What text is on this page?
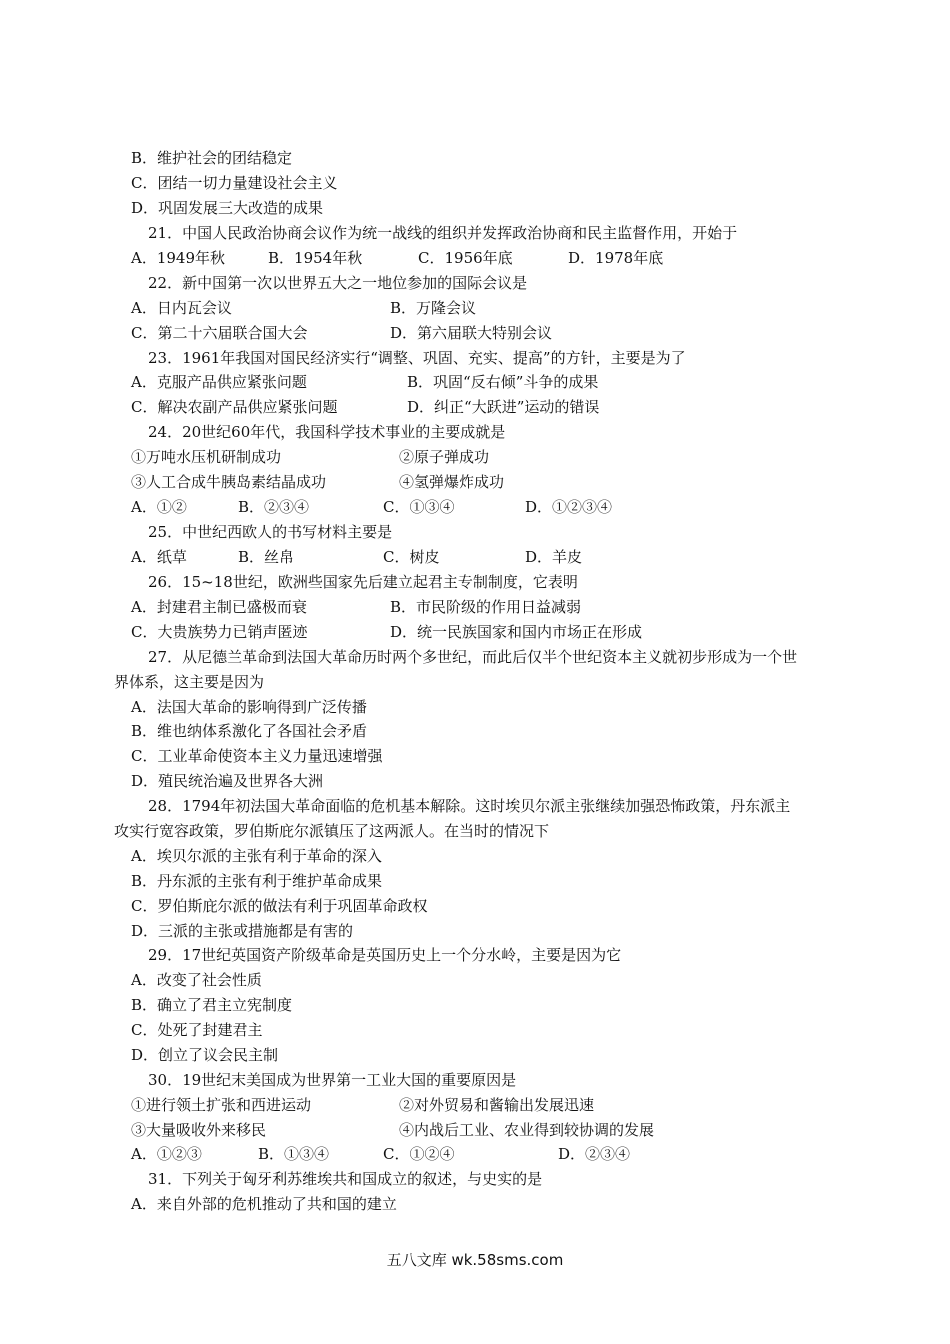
B．维护社会的团结稳定
C．团结一切力量建设社会主义
D．巩固发展三大改造的成果
21．中国人民政治协商会议作为统一战线的组织并发挥政治协商和民主监督作用，开始于
A．1949年秋	B．1954年秋	C．1956年底	D．1978年底
22．新中国第一次以世界五大之一地位参加的国际会议是
A．日内瓦会议	B．万隆会议
C．第二十六届联合国大会	D．第六届联大特别会议
23．1961年我国对国民经济实行“调整、巩固、充实、提高”的方针，主要是为了
A．克服产品供应紧张问题	B．巩固“反右倾”斗争的成果
C．解决农副产品供应紧张问题	D．纠正“大跃进”运动的错误
24．20世纪60年代，我国科学技术事业的主要成就是
①万吨水压机研制成功	②原子弹成功
③人工合成牛胰岛素结晶成功	④氢弹爆炸成功
A．①②	B．②③④	C．①③④	D．①②③④
25．中世纪西欧人的书写材料主要是
A．纸草	B．丝帛	C．树皮	D．羊皮
26．15~18世纪，欧洲些国家先后建立起君主专制制度，它表明
A．封建君主制已盛极而衰	B．市民阶级的作用日益减弱
C．大贵族势力已销声匿迹	D．统一民族国家和国内市场正在形成
27．从尼德兰革命到法国大革命历时两个多世纪，而此后仅半个世纪资本主义就初步形成为一个世
界体系，这主要是因为
A．法国大革命的影响得到广泛传播
B．维也纳体系激化了各国社会矛盾
C．工业革命使资本主义力量迅速增强
D．殖民统治遍及世界各大洲
28．1794年初法国大革命面临的危机基本解除。这时埃贝尔派主张继续加强恐怖政策，丹东派主
攻实行宽容政策，罗伯斯庇尔派镇压了这两派人。在当时的情况下
A．埃贝尔派的主张有利于革命的深入
B．丹东派的主张有利于维护革命成果
C．罗伯斯庇尔派的做法有利于巩固革命政权
D．三派的主张或措施都是有害的
29．17世纪英国资产阶级革命是英国历史上一个分水岭，主要是因为它
A．改变了社会性质
B．确立了君主立宪制度
C．处死了封建君主
D．创立了议会民主制
30．19世纪末美国成为世界第一工业大国的重要原因是
①进行领土扩张和西进运动	②对外贸易和酱输出发展迅速
③大量吸收外来移民	④内战后工业、农业得到较协调的发展
A．①②③	B．①③④	C．①②④	D．②③④
31．下列关于匈牙利苏维埃共和国成立的叙述，与史实的是
A．来自外部的危机推动了共和国的建立
五八文库 wk.58sms.com
